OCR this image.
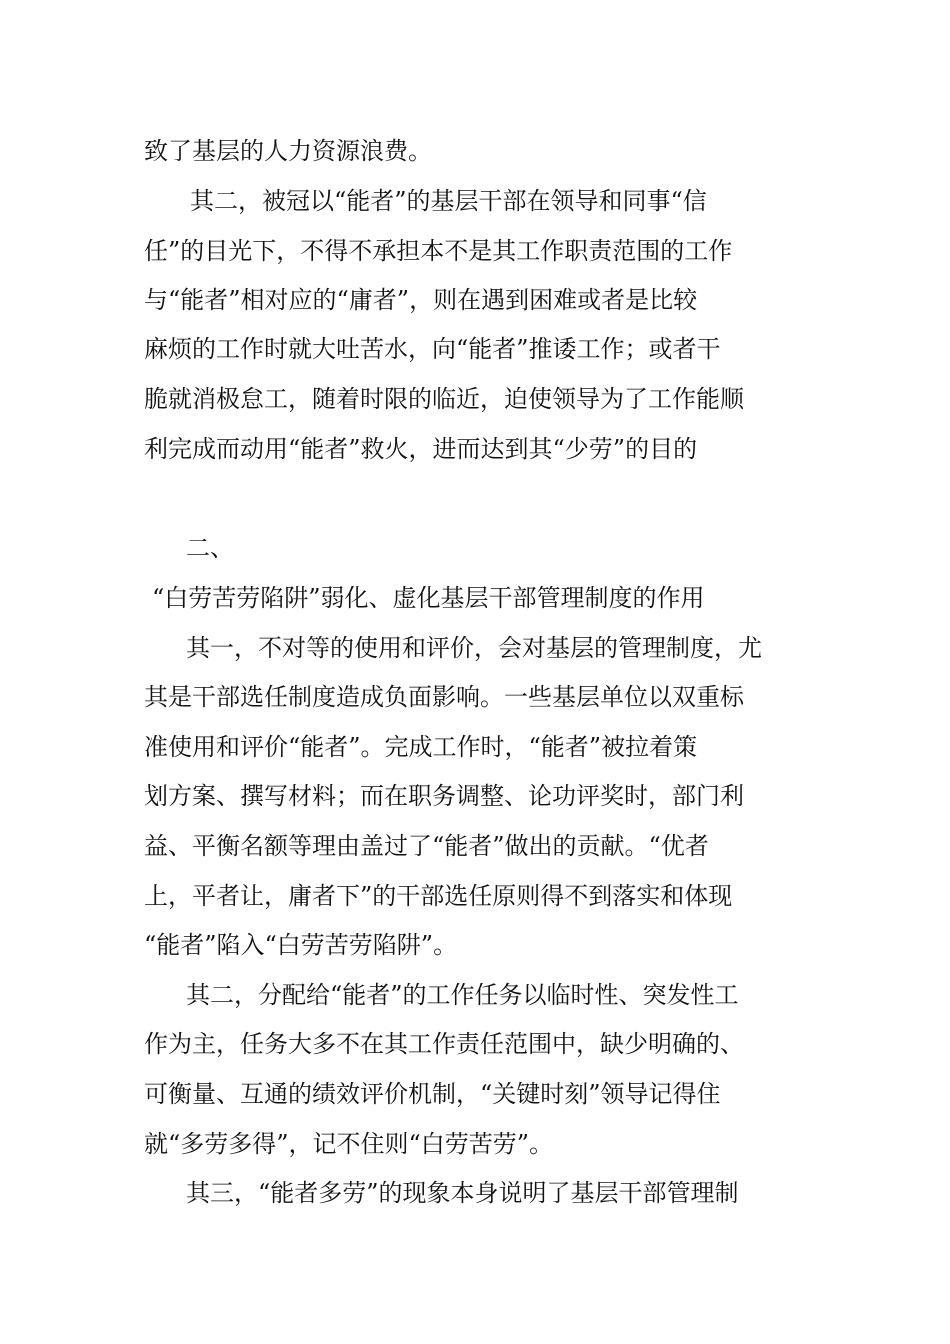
致了基层的人力资源浪费。
其二，被冠以“能者”的基层干部在领导和同事“信
任”的目光下，不得不承担本不是其工作职责范围的工作
与“能者”相对应的“庸者”，则在遇到困难或者是比较
麻烦的工作时就大吐苦水，向“能者”推诿工作；或者干
脆就消极怠工，随着时限的临近，迫使领导为了工作能顺
利完成而动用“能者”救火，进而达到其“少劳”的目的
二、
“白劳苦劳陷阱”弱化、虚化基层干部管理制度的作用
其一，不对等的使用和评价，会对基层的管理制度，尤
其是干部选任制度造成负面影响。一些基层单位以双重标
准使用和评价“能者”。完成工作时，“能者”被拉着策
划方案、撰写材料；而在职务调整、论功评奖时，部门利
益、平衡名额等理由盖过了“能者”做出的贡献。“优者
上，平者让，庸者下”的干部选任原则得不到落实和体现
“能者”陷入“白劳苦劳陷阱”。
其二，分配给“能者”的工作任务以临时性、突发性工
作为主，任务大多不在其工作责任范围中，缺少明确的、
可衡量、互通的绩效评价机制，“关键时刻”领导记得住
就“多劳多得”，记不住则“白劳苦劳”。
其三，“能者多劳”的现象本身说明了基层干部管理制
